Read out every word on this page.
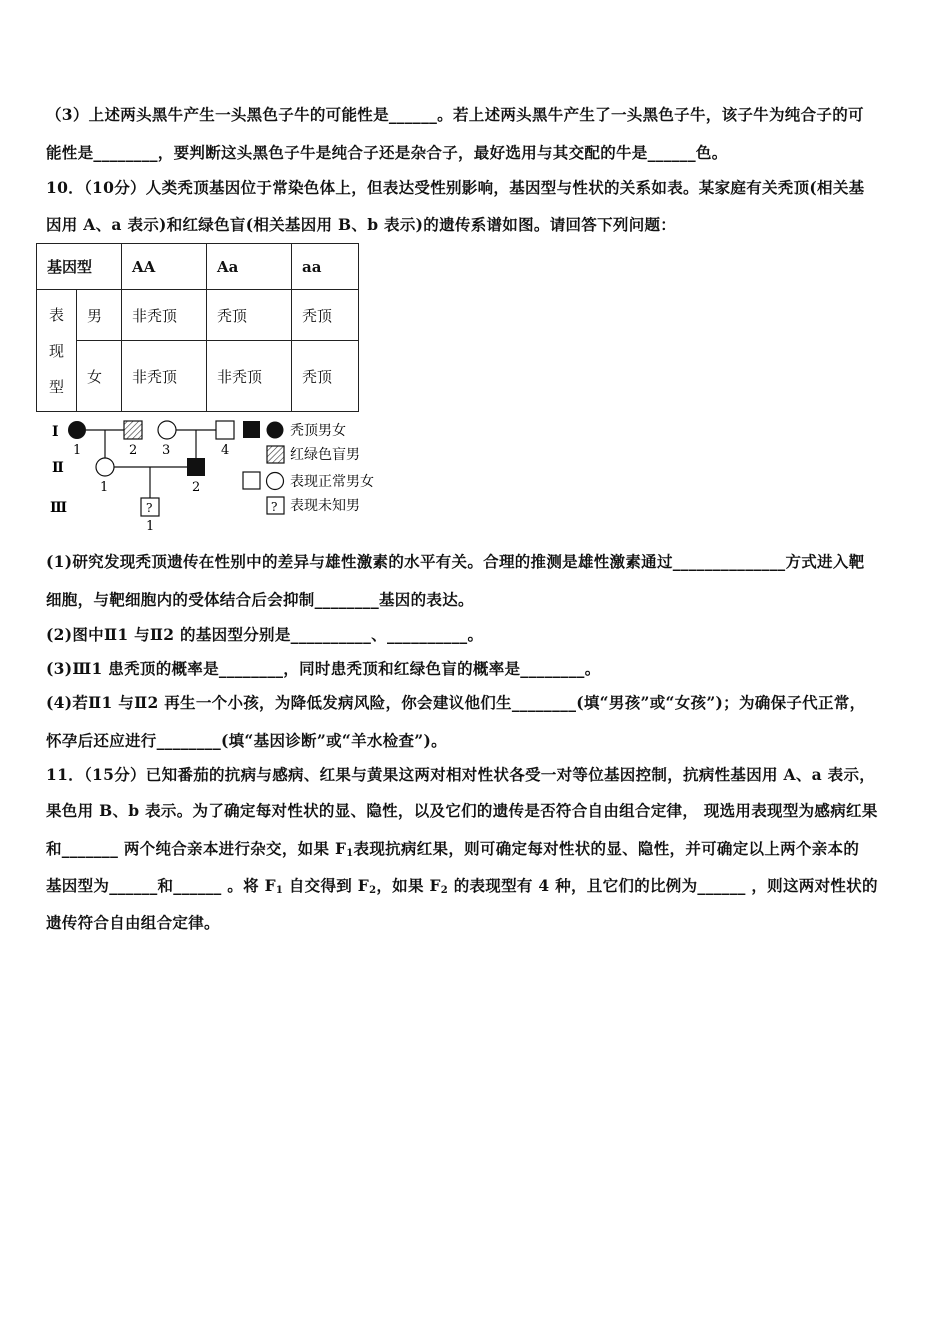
（3）上述两头黑牛产生一头黑色子牛的可能性是______。若上述两头黑牛产生了一头黑色子牛，该子牛为纯合子的可
能性是________，要判断这头黑色子牛是纯合子还是杂合子，最好选用与其交配的牛是______色。
10．（10分）人类秃顶基因位于常染色体上，但表达受性别影响，基因型与性状的关系如表。某家庭有关秃顶(相关基
因用 A、a 表示)和红绿色盲(相关基因用 B、b 表示)的遗传系谱如图。请回答下列问题：
基因型		AA	Aa	aa
表
现
型	男	非秃顶	秃顶	秃顶
	女	非秃顶	非秃顶	秃顶
Ⅰ
Ⅱ
Ⅲ
1	2 3	4
1	2
?
1
秃顶男女
红绿色盲男
表现正常男女
? 表现未知男
(1)研究发现秃顶遗传在性别中的差异与雄性激素的水平有关。合理的推测是雄性激素通过______________方式进入靶
细胞，与靶细胞内的受体结合后会抑制________基因的表达。
(2)图中Ⅱ1 与Ⅱ2 的基因型分别是__________、__________。
(3)Ⅲ1 患秃顶的概率是________，同时患秃顶和红绿色盲的概率是________。
(4)若Ⅱ1 与Ⅱ2 再生一个小孩，为降低发病风险，你会建议他们生________(填“男孩”或“女孩”)；为确保子代正常，
怀孕后还应进行________(填“基因诊断”或“羊水检查”)。
11．（15分）已知番茄的抗病与感病、红果与黄果这两对相对性状各受一对等位基因控制，抗病性基因用 A、a 表示，
果色用 B、b 表示。为了确定每对性状的显、隐性，以及它们的遗传是否符合自由组合定律， 现选用表现型为感病红果
和_______ 两个纯合亲本进行杂交，如果 $F_1$表现抗病红果，则可确定每对性状的显、隐性，并可确定以上两个亲本的
基因型为______和______ 。将 $F_1$ 自交得到 $F_2$，如果 $F_2$ 的表现型有 4 种，且它们的比例为______ ，则这两对性状的
遗传符合自由组合定律。
